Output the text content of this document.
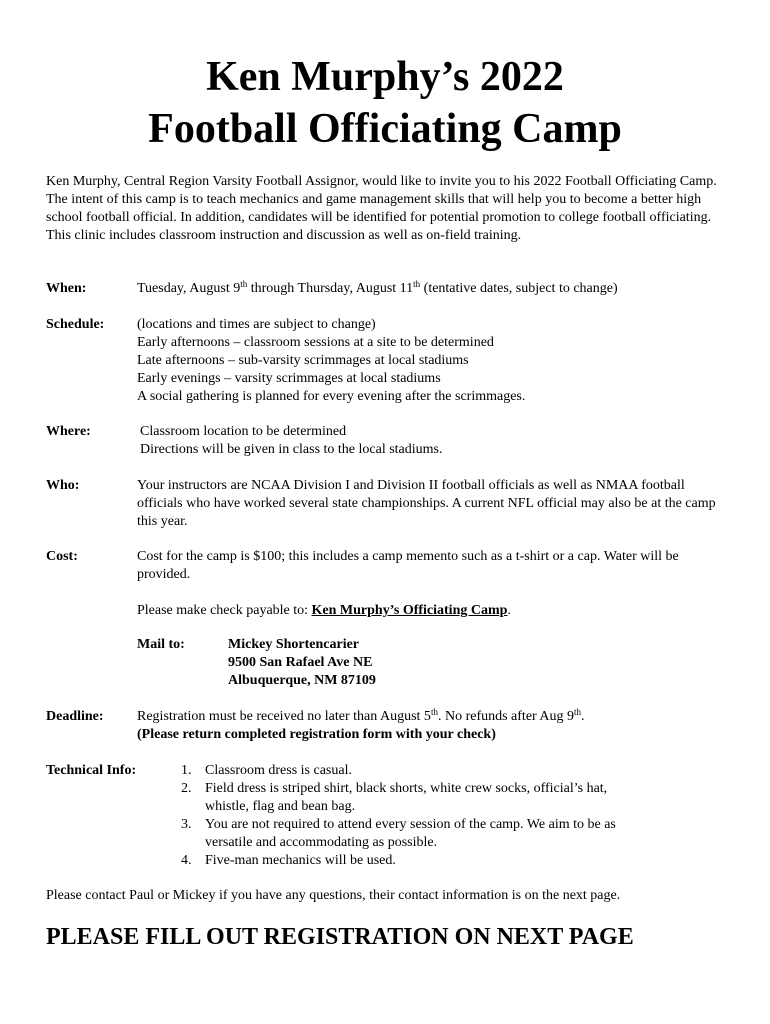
Ken Murphy’s 2022
Football Officiating Camp

Ken Murphy, Central Region Varsity Football Assignor, would like to invite you to his 2022 Football Officiating Camp. The intent of this camp is to teach mechanics and game management skills that will help you to become a better high school football official. In addition, candidates will be identified for potential promotion to college football officiating. This clinic includes classroom instruction and discussion as well as on-field training.

When:	Tuesday, August 9th through Thursday, August 11th (tentative dates, subject to change)
Schedule: (locations and times are subject to change)
Early afternoons – classroom sessions at a site to be determined
Late afternoons – sub-varsity scrimmages at local stadiums
Early evenings – varsity scrimmages at local stadiums
A social gathering is planned for every evening after the scrimmages.
Where:	Classroom location to be determined
Directions will be given in class to the local stadiums.
Who:	Your instructors are NCAA Division I and Division II football officials as well as NMAA football officials who have worked several state championships. A current NFL official may also be at the camp this year.
Cost:	Cost for the camp is $100; this includes a camp memento such as a t-shirt or a cap. Water will be provided.
Please make check payable to: Ken Murphy’s Officiating Camp.
Mail to:	Mickey Shortencarier
9500 San Rafael Ave NE
Albuquerque, NM 87109
Deadline: Registration must be received no later than August 5th. No refunds after Aug 9th.
(Please return completed registration form with your check)
Technical Info:	1. Classroom dress is casual.
2. Field dress is striped shirt, black shorts, white crew socks, official’s hat, whistle, flag and bean bag.
3. You are not required to attend every session of the camp. We aim to be as versatile and accommodating as possible.
4. Five-man mechanics will be used.
Please contact Paul or Mickey if you have any questions, their contact information is on the next page.
PLEASE FILL OUT REGISTRATION ON NEXT PAGE
